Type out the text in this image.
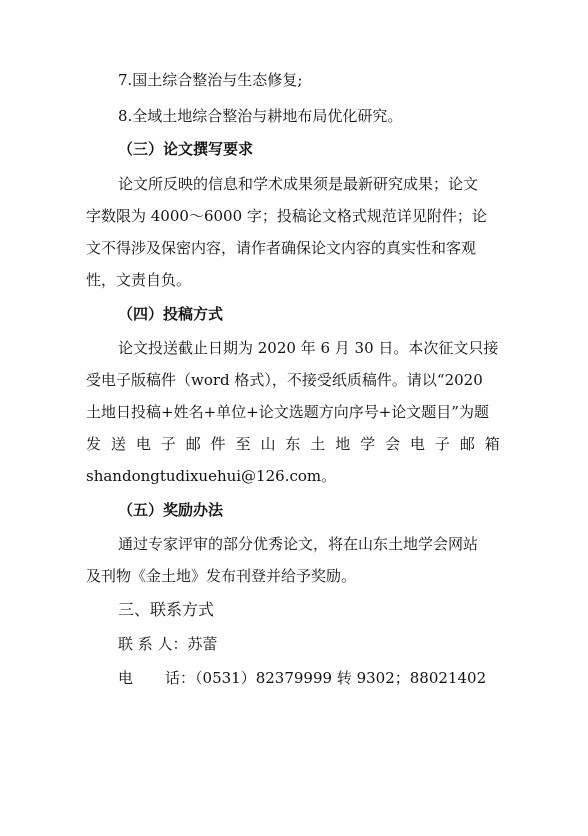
7.国土综合整治与生态修复;
8.全域土地综合整治与耕地布局优化研究。
（三）论文撰写要求
论文所反映的信息和学术成果须是最新研究成果；论文
字数限为 4000～6000 字；投稿论文格式规范详见附件；论
文不得涉及保密内容，请作者确保论文内容的真实性和客观
性，文责自负。
（四）投稿方式
论文投送截止日期为 2020 年 6 月 30 日。本次征文只接
受电子版稿件（word 格式），不接受纸质稿件。请以“2020
土地日投稿+姓名+单位+论文选题方向序号+论文题目”为题
发 送 电 子 邮 件 至 山 东 土 地 学 会 电 子 邮 箱
shandongtudixuehui@126.com。
（五）奖励办法
通过专家评审的部分优秀论文，将在山东土地学会网站
及刊物《金土地》发布刊登并给予奖励。
三、联系方式
联 系 人：苏蕾
电 话：（0531）82379999 转 9302；88021402
